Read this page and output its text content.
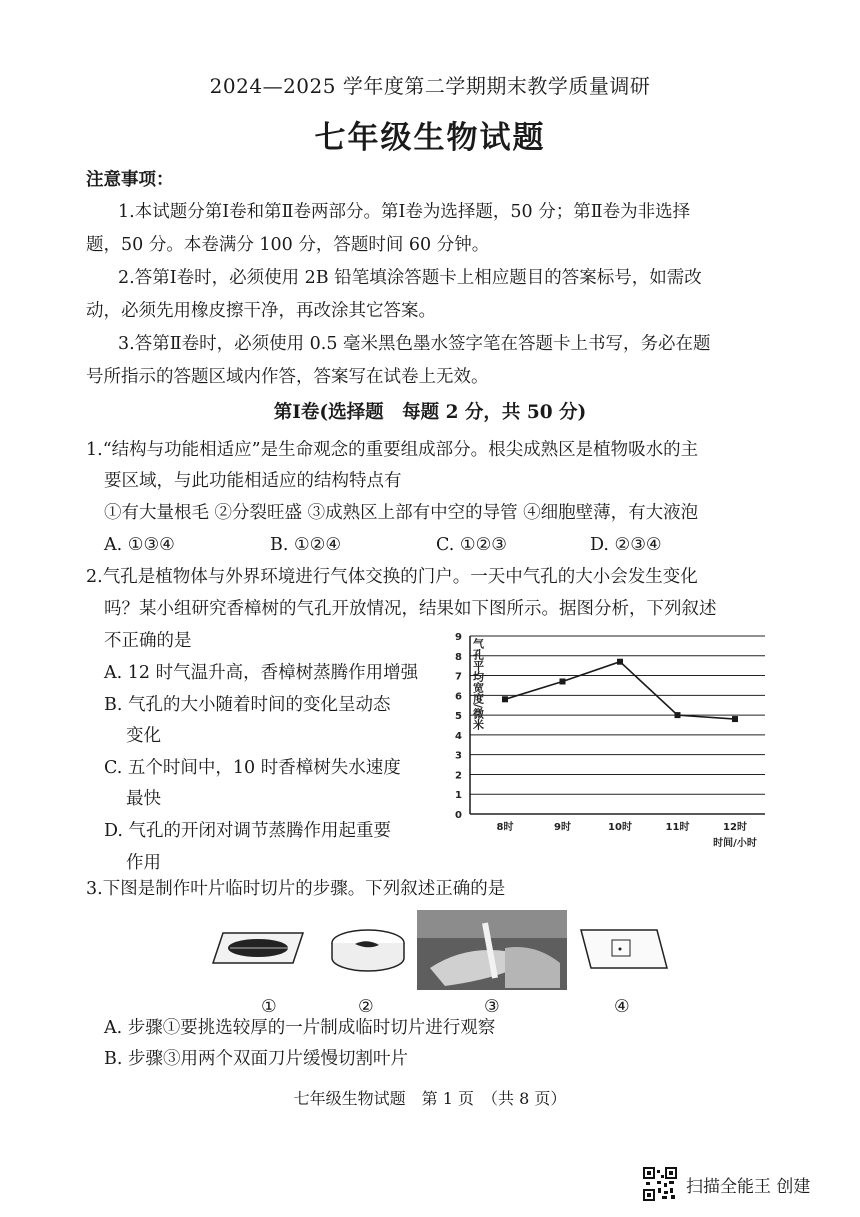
2024—2025 学年度第二学期期末教学质量调研
七年级生物试题
注意事项：
1.本试题分第Ⅰ卷和第Ⅱ卷两部分。第Ⅰ卷为选择题，50 分；第Ⅱ卷为非选择
题，50 分。本卷满分 100 分，答题时间 60 分钟。
2.答第Ⅰ卷时，必须使用 2B 铅笔填涂答题卡上相应题目的答案标号，如需改
动，必须先用橡皮擦干净，再改涂其它答案。
3.答第Ⅱ卷时，必须使用 0.5 毫米黑色墨水签字笔在答题卡上书写，务必在题
号所指示的答题区域内作答，答案写在试卷上无效。
第Ⅰ卷(选择题　每题 2 分，共 50 分)
1.“结构与功能相适应”是生命观念的重要组成部分。根尖成熟区是植物吸水的主
要区域，与此功能相适应的结构特点有
①有大量根毛 ②分裂旺盛 ③成熟区上部有中空的导管 ④细胞壁薄，有大液泡
A. ①③④	B. ①②④	C. ①②③	D. ②③④
2.气孔是植物体与外界环境进行气体交换的门户。一天中气孔的大小会发生变化
吗？某小组研究香樟树的气孔开放情况，结果如下图所示。据图分析，下列叙述
不正确的是
A. 12 时气温升高，香樟树蒸腾作用增强
B. 气孔的大小随着时间的变化呈动态
变化
C. 五个时间中，10 时香樟树失水速度
最快
D. 气孔的开闭对调节蒸腾作用起重要
作用
0
1
2
3
4
5
6
7
8
9
气孔平均宽度/微米
8时	9时	10时	11时	12时
时间/小时
3.下图是制作叶片临时切片的步骤。下列叙述正确的是
①	②	③	④
A. 步骤①要挑选较厚的一片制成临时切片进行观察
B. 步骤③用两个双面刀片缓慢切割叶片
七年级生物试题　第 1 页　（共 8 页）
扫描全能王 创建
